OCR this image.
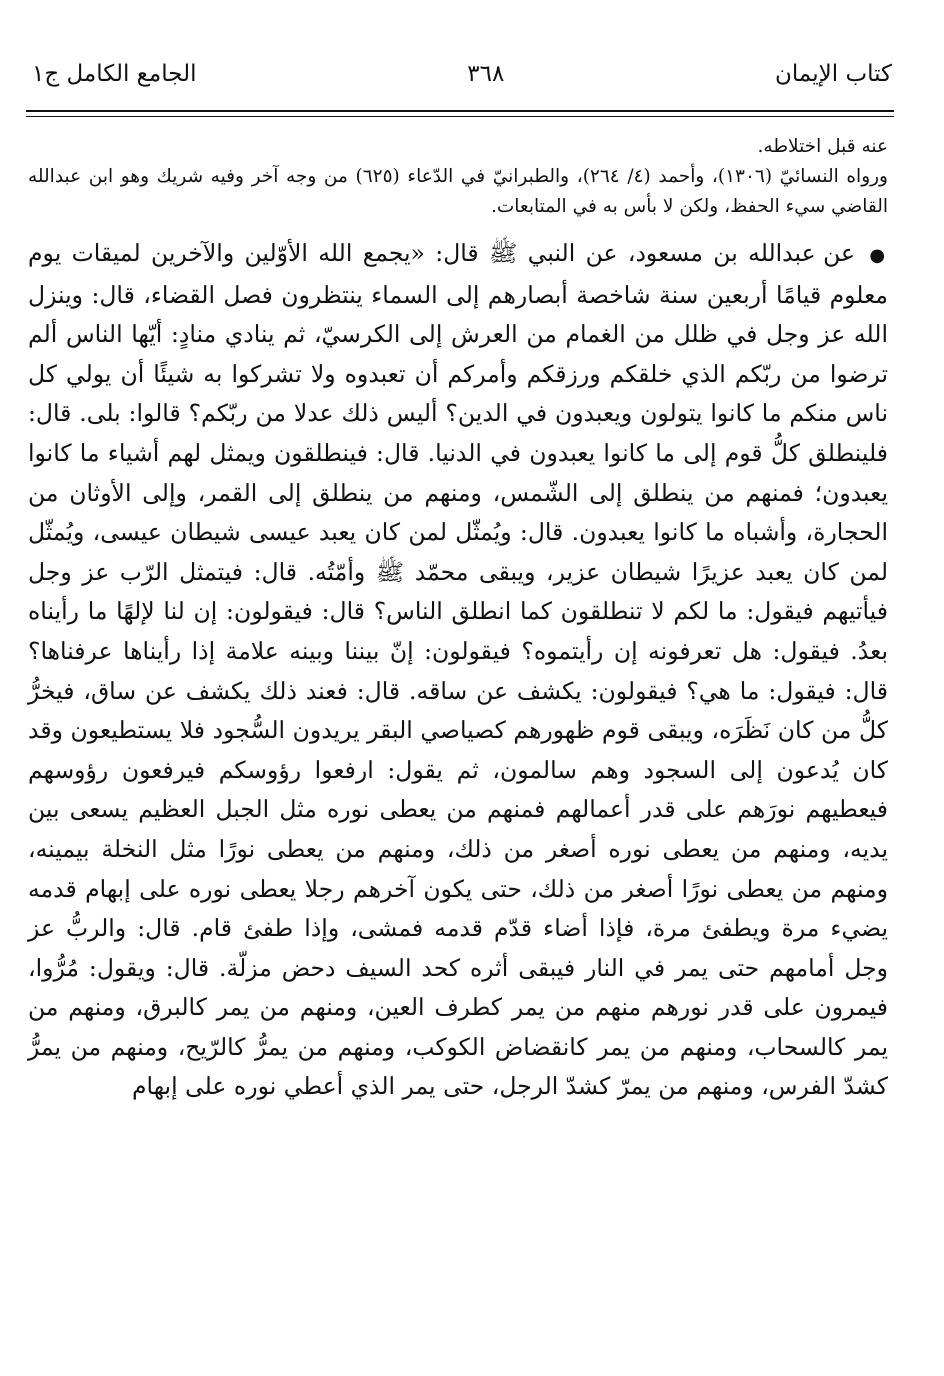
كتاب الإيمان
٣٦٨
الجامع الكامل ج١

عنه قبل اختلاطه.

ورواه النسائيّ (١٣٠٦)، وأحمد (٤/ ٢٦٤)، والطبرانيّ في الدّعاء (٦٢٥) من وجه آخر وفيه شريك وهو ابن عبدالله القاضي سيء الحفظ، ولكن لا بأس به في المتابعات.

● عن عبدالله بن مسعود، عن النبي ﷺ قال: «يجمع الله الأوّلين والآخرين لميقات يوم معلوم قيامًا أربعين سنة شاخصة أبصارهم إلى السماء ينتظرون فصل القضاء، قال: وينزل الله عز وجل في ظلل من الغمام من العرش إلى الكرسيّ، ثم ينادي منادٍ: أيّها الناس ألم ترضوا من ربّكم الذي خلقكم ورزقكم وأمركم أن تعبدوه ولا تشركوا به شيئًا أن يولي كل ناس منكم ما كانوا يتولون ويعبدون في الدين؟ أليس ذلك عدلا من ربّكم؟ قالوا: بلى. قال: فلينطلق كلُّ قوم إلى ما كانوا يعبدون في الدنيا. قال: فينطلقون ويمثل لهم أشياء ما كانوا يعبدون؛ فمنهم من ينطلق إلى الشّمس، ومنهم من ينطلق إلى القمر، وإلى الأوثان من الحجارة، وأشباه ما كانوا يعبدون. قال: ويُمثّل لمن كان يعبد عيسى شيطان عيسى، ويُمثّل لمن كان يعبد عزيرًا شيطان عزير، ويبقى محمّد ﷺ وأمّتُه. قال: فيتمثل الرّب عز وجل فيأتيهم فيقول: ما لكم لا تنطلقون كما انطلق الناس؟ قال: فيقولون: إن لنا لإلهًا ما رأيناه بعدُ. فيقول: هل تعرفونه إن رأيتموه؟ فيقولون: إنّ بيننا وبينه علامة إذا رأيناها عرفناها؟ قال: فيقول: ما هي؟ فيقولون: يكشف عن ساقه. قال: فعند ذلك يكشف عن ساق، فيخرُّ كلُّ من كان نَظَرَه، ويبقى قوم ظهورهم كصياصي البقر يريدون السُّجود فلا يستطيعون وقد كان يُدعون إلى السجود وهم سالمون، ثم يقول: ارفعوا رؤوسكم فيرفعون رؤوسهم فيعطيهم نورَهم على قدر أعمالهم فمنهم من يعطى نوره مثل الجبل العظيم يسعى بين يديه، ومنهم من يعطى نوره أصغر من ذلك، ومنهم من يعطى نورًا مثل النخلة بيمينه، ومنهم من يعطى نورًا أصغر من ذلك، حتى يكون آخرهم رجلا يعطى نوره على إبهام قدمه يضيء مرة ويطفئ مرة، فإذا أضاء قدّم قدمه فمشى، وإذا طفئ قام. قال: والربُّ عز وجل أمامهم حتى يمر في النار فيبقى أثره كحد السيف دحض مزلّة. قال: ويقول: مُرُّوا، فيمرون على قدر نورهم منهم من يمر كطرف العين، ومنهم من يمر كالبرق، ومنهم من يمر كالسحاب، ومنهم من يمر كانقضاض الكوكب، ومنهم من يمرُّ كالرّيح، ومنهم من يمرُّ كشدّ الفرس، ومنهم من يمرّ كشدّ الرجل، حتى يمر الذي أعطي نوره على إبهام
